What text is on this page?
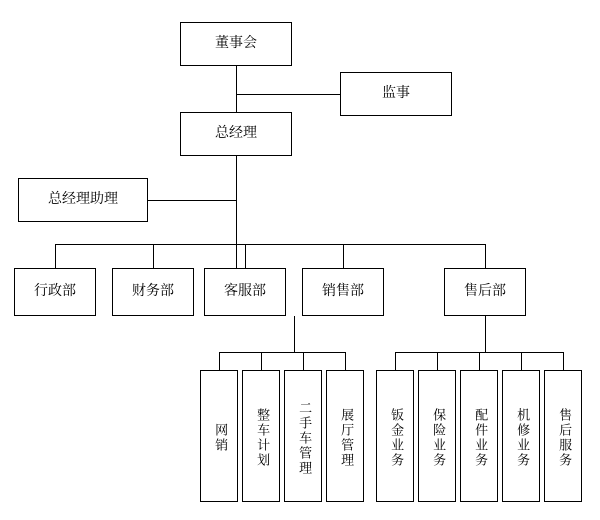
董事会
监事
总经理
总经理助理
行政部	财务部	客服部	销售部	售后部
网销	整车计划	二手车管理	展厅管理	钣金业务	保险业务	配件业务	机修业务	售后服务
